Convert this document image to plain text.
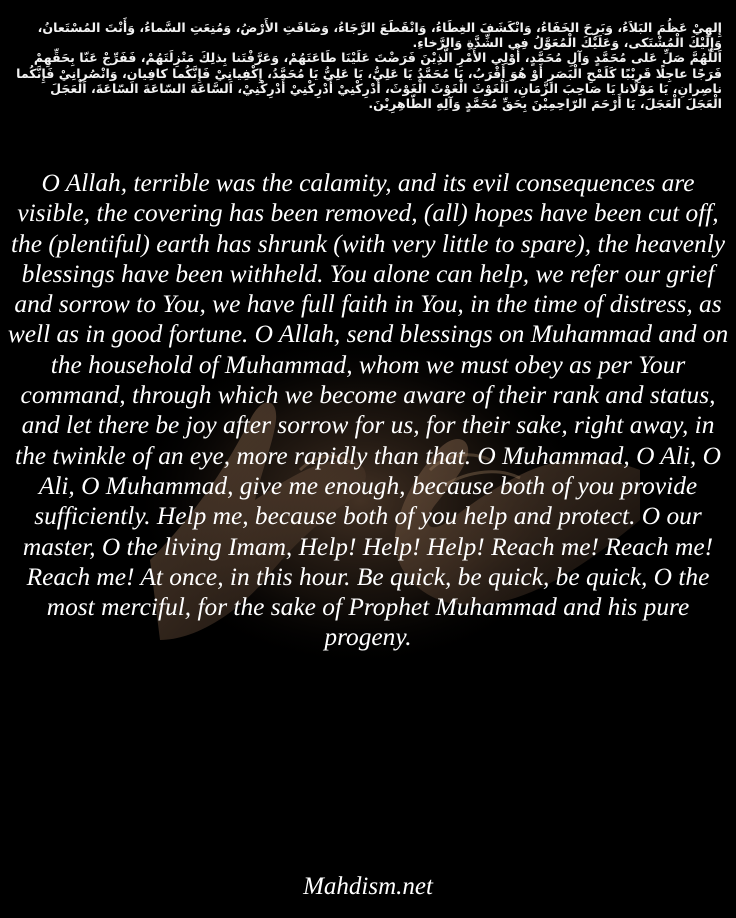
إِلهِيْ عَظُمَ البَلاَءُ، وَبَرِحَ الخَفَاءُ، وَانْكَشَفَ الغِطَاءُ، وَانْقَطَعَ الرَّجَاءُ، وَضَاقَتِ الأَرْضُ، وَمُنِعَتِ السَّماءُ، وَأَنْتَ المُسْتَعانُ، وَإِلَيْكَ الْمُشْتَكى، وَعَلَيْكَ الْمُعَوَّلُ فِي الشِّدَّةِ وَالرَّخاءِ.

اَللّهُمَّ صَلِّ عَلى مُحَمَّدٍ وَآلِ مُحَمَّدٍ، أُوْلِي الأَمْرِ الَّذِيْنَ فَرَضْتَ عَلَيْنَا طَاعَتَهُمْ، وَعَرَّفْتَنا بِذلِكَ مَنْزِلَتَهُمْ، فَفَرِّجْ عَنّا بِحَقِّهِمْ فَرَجًا عاجِلًا قَرِيْبًا كَلَمْحِ الْبَصَرِ أَوْ هُوَ أَقْرَبُ، يَا مُحَمَّدُ يَا عَلِيُّ، يَا عَلِيُّ يَا مُحَمَّدُ، إِكْفِيانِيْ فَإِنَّكُما كافِيانِ، وَانْصُرانِيْ فَإِنَّكُما ناصِرانِ، يَا مَوْلَانا يَا صَاحِبَ الزَّمَانِ، اَلْغَوْثَ الْغَوْثَ الْغَوْثَ، أَدْرِكْنِيْ أَدْرِكْنِيْ أَدْرِكْنِيْ، اَلسَّاعَةَ السّاعَةَ السّاعَةَ، اَلْعَجَلَ الْعَجَلَ الْعَجَلَ، يَا أَرْحَمَ الرّاحِمِيْنَ بِحَقِّ مُحَمَّدٍ وَآلِهِ الطّاهِرِيْنَ.

O Allah, terrible was the calamity, and its evil consequences are visible, the covering has been removed, (all) hopes have been cut off, the (plentiful) earth has shrunk (with very little to spare), the heavenly blessings have been withheld. You alone can help, we refer our grief and sorrow to You, we have full faith in You, in the time of distress, as well as in good fortune. O Allah, send blessings on Muhammad and on the household of Muhammad, whom we must obey as per Your command, through which we become aware of their rank and status, and let there be joy after sorrow for us, for their sake, right away, in the twinkle of an eye, more rapidly than that. O Muhammad, O Ali, O Ali, O Muhammad, give me enough, because both of you provide sufficiently. Help me, because both of you help and protect. O our master, O the living Imam, Help! Help! Help! Reach me! Reach me! Reach me! At once, in this hour. Be quick, be quick, be quick, O the most merciful, for the sake of Prophet Muhammad and his pure progeny.

Mahdism.net
